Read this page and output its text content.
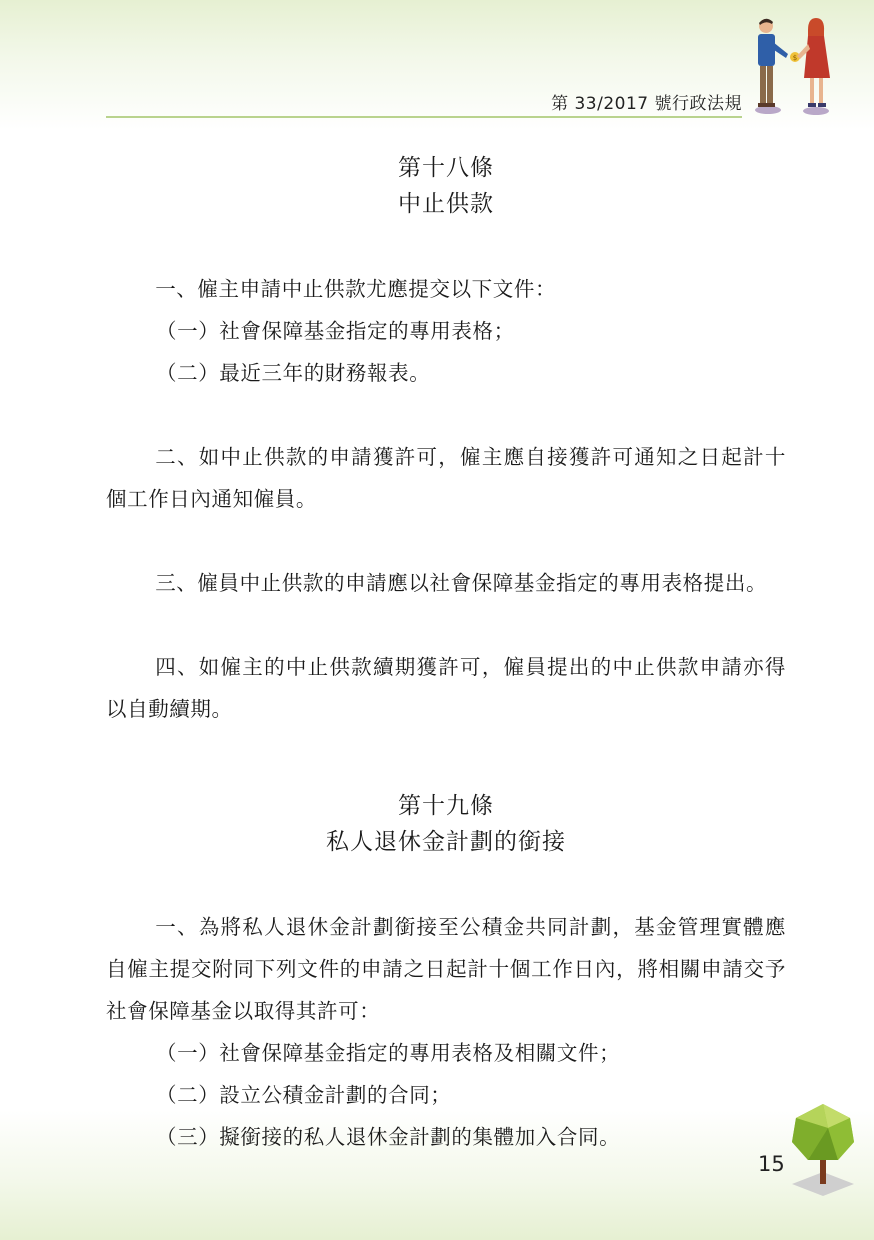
$
第 33/2017 號行政法規

第十八條

中止供款

一、僱主申請中止供款尤應提交以下文件：

（一）社會保障基金指定的專用表格；

（二）最近三年的財務報表。

二、如中止供款的申請獲許可，僱主應自接獲許可通知之日起計十個工作日內通知僱員。

三、僱員中止供款的申請應以社會保障基金指定的專用表格提出。

四、如僱主的中止供款續期獲許可，僱員提出的中止供款申請亦得以自動續期。

第十九條

私人退休金計劃的銜接

一、為將私人退休金計劃銜接至公積金共同計劃，基金管理實體應自僱主提交附同下列文件的申請之日起計十個工作日內，將相關申請交予社會保障基金以取得其許可：

（一）社會保障基金指定的專用表格及相關文件；

（二）設立公積金計劃的合同；

（三）擬銜接的私人退休金計劃的集體加入合同。

15
